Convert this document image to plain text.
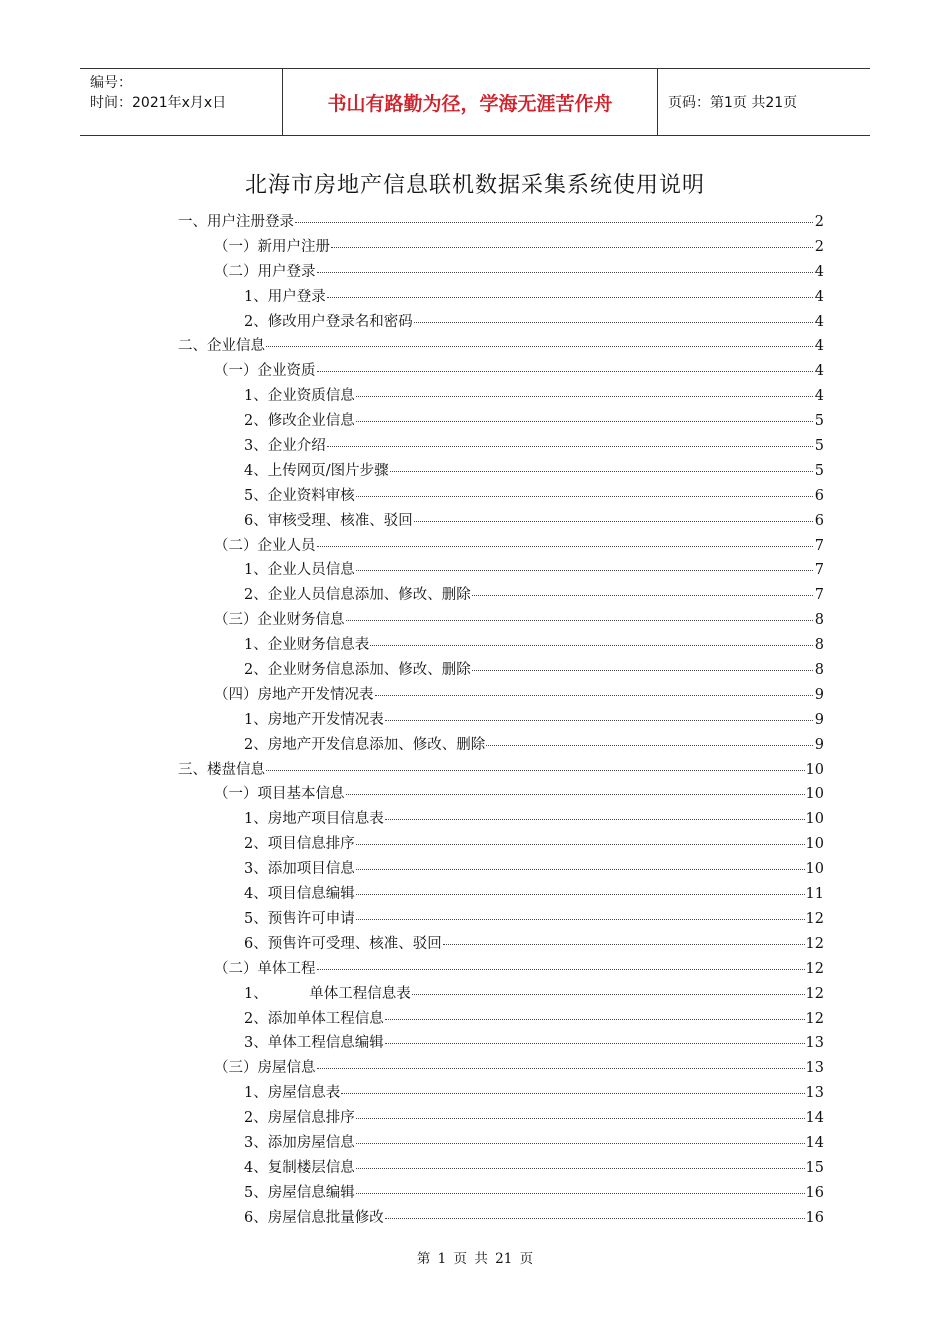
编号：
时间：2021年x月x日	书山有路勤为径，学海无涯苦作舟	页码：第1页 共21页
北海市房地产信息联机数据采集系统使用说明
一、用户注册登录	2
（一）新用户注册	2
（二）用户登录	4
1、用户登录	4
2、修改用户登录名和密码	4
二、企业信息	4
（一）企业资质	4
1、企业资质信息	4
2、修改企业信息	5
3、企业介绍	5
4、上传网页/图片步骤	5
5、企业资料审核	6
6、审核受理、核准、驳回	6
（二）企业人员	7
1、企业人员信息	7
2、企业人员信息添加、修改、删除	7
（三）企业财务信息	8
1、企业财务信息表	8
2、企业财务信息添加、修改、删除	8
（四）房地产开发情况表	9
1、房地产开发情况表	9
2、房地产开发信息添加、修改、删除	9
三、楼盘信息	10
（一）项目基本信息	10
1、房地产项目信息表	10
2、项目信息排序	10
3、添加项目信息	10
4、项目信息编辑	11
5、预售许可申请	12
6、预售许可受理、核准、驳回	12
（二）单体工程	12
1、         单体工程信息表	12
2、添加单体工程信息	12
3、单体工程信息编辑	13
（三）房屋信息	13
1、房屋信息表	13
2、房屋信息排序	14
3、添加房屋信息	14
4、复制楼层信息	15
5、房屋信息编辑	16
6、房屋信息批量修改	16
第 1 页 共 21 页
